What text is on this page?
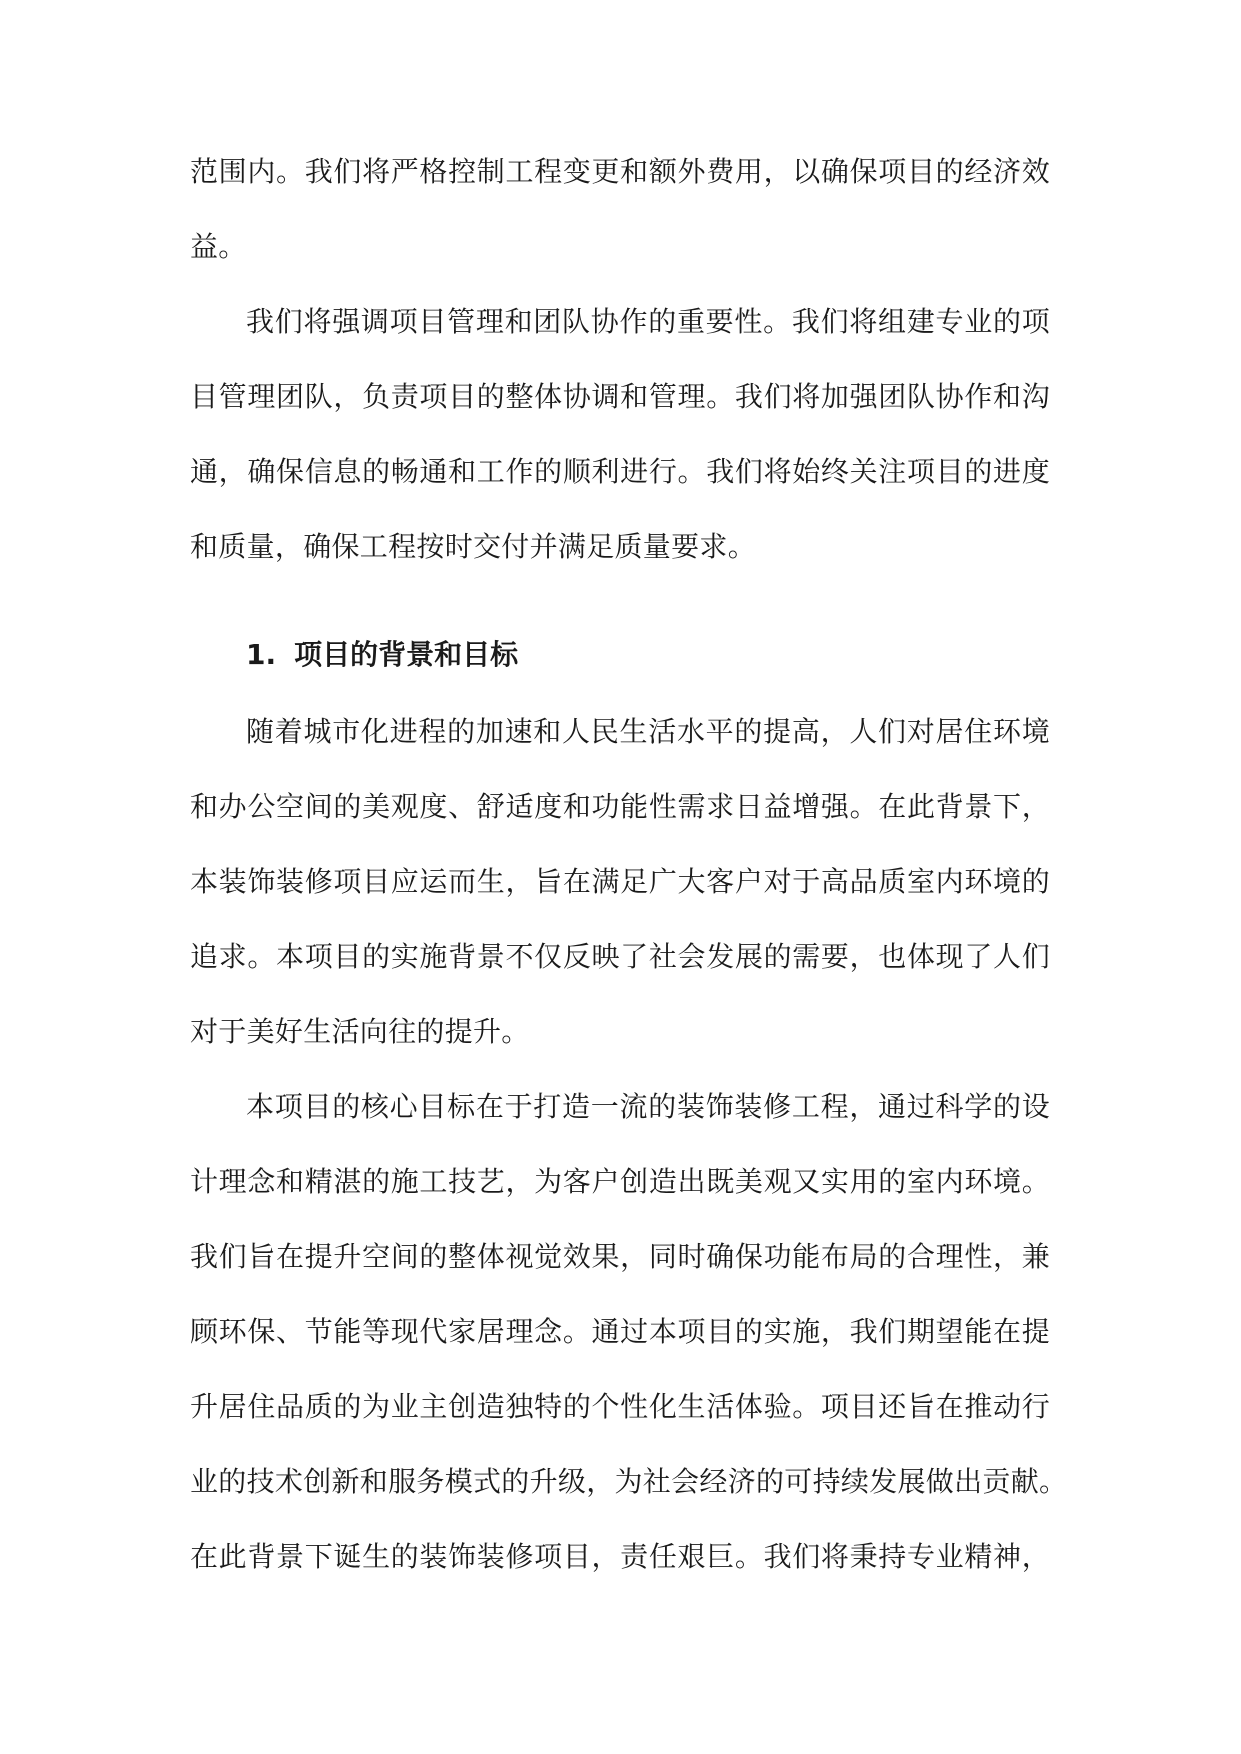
范围内。我们将严格控制工程变更和额外费用，以确保项目的经济效
益。
我们将强调项目管理和团队协作的重要性。我们将组建专业的项
目管理团队，负责项目的整体协调和管理。我们将加强团队协作和沟
通，确保信息的畅通和工作的顺利进行。我们将始终关注项目的进度
和质量，确保工程按时交付并满足质量要求。
1. 项目的背景和目标
随着城市化进程的加速和人民生活水平的提高，人们对居住环境
和办公空间的美观度、舒适度和功能性需求日益增强。在此背景下，
本装饰装修项目应运而生，旨在满足广大客户对于高品质室内环境的
追求。本项目的实施背景不仅反映了社会发展的需要，也体现了人们
对于美好生活向往的提升。
本项目的核心目标在于打造一流的装饰装修工程，通过科学的设
计理念和精湛的施工技艺，为客户创造出既美观又实用的室内环境。
我们旨在提升空间的整体视觉效果，同时确保功能布局的合理性，兼
顾环保、节能等现代家居理念。通过本项目的实施，我们期望能在提
升居住品质的为业主创造独特的个性化生活体验。项目还旨在推动行
业的技术创新和服务模式的升级，为社会经济的可持续发展做出贡献。
在此背景下诞生的装饰装修项目，责任艰巨。我们将秉持专业精神，
